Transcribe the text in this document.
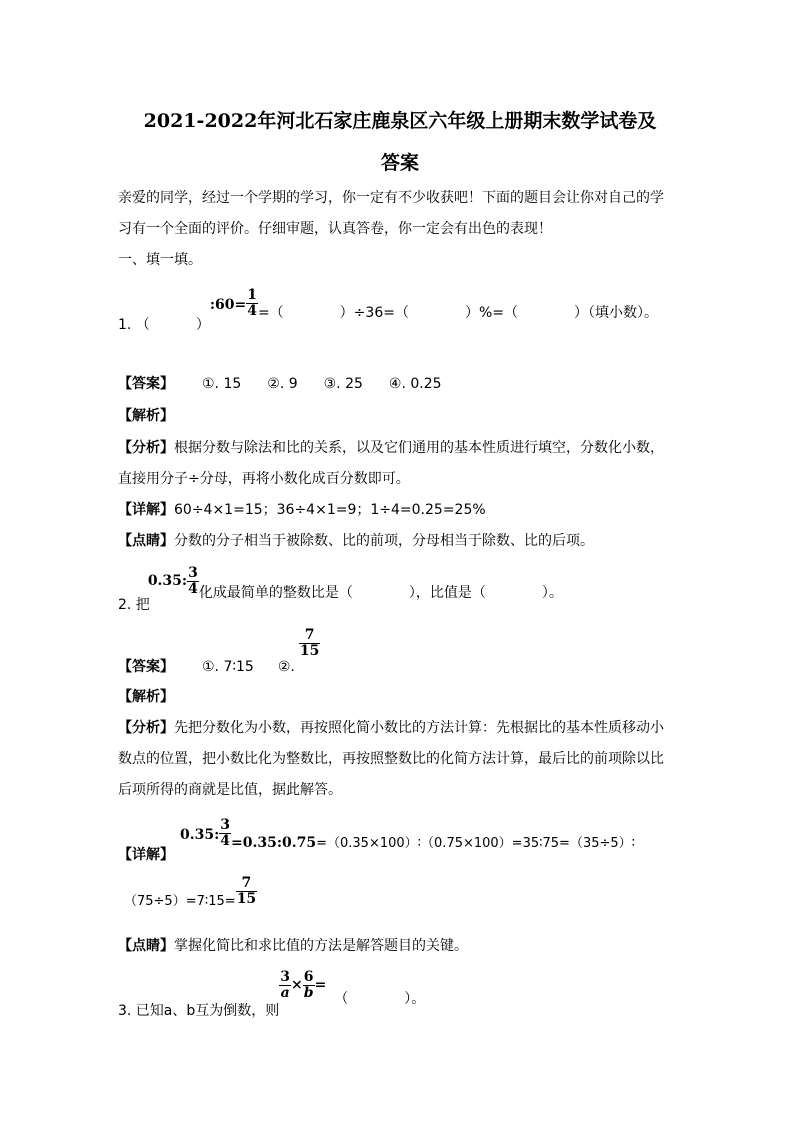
2021-2022年河北石家庄鹿泉区六年级上册期末数学试卷及
答案
亲爱的同学，经过一个学期的学习，你一定有不少收获吧！下面的题目会让你对自己的学
习有一个全面的评价。仔细审题，认真答卷，你一定会有出色的表现！
一、填一填。
1. （	）:60= $\frac{1}{4}$ =（　　　　）÷36=（　　　　）%=（　　　　）（填小数）。
【答案】 ①. 15 ②. 9 ③. 25 ④. 0.25
【解析】
【分析】根据分数与除法和比的关系，以及它们通用的基本性质进行填空，分数化小数，
直接用分子÷分母，再将小数化成百分数即可。
【详解】60÷4×1=15；36÷4×1=9；1÷4=0.25=25%
【点睛】分数的分子相当于被除数、比的前项，分母相当于除数、比的后项。
2. 把0.35: $\frac{3}{4}$ 化成最简单的整数比是（　　　　），比值是（　　　　）。
【答案】 ①. 7∶15 ②.
$\frac{7}{15}$
【解析】
【分析】先把分数化为小数，再按照化简小数比的方法计算：先根据比的基本性质移动小
数点的位置，把小数比化为整数比，再按照整数比的化简方法计算，最后比的前项除以比
后项所得的商就是比值，据此解答。
【详解】0.35: $\frac{3}{4}$ =0.35:0.75=（0.35×100）∶（0.75×100）=35∶75=（35÷5）∶
（75÷5）=7∶15= $\frac{7}{15}$
【点睛】掌握化简比和求比值的方法是解答题目的关键。
3. 已知a、b互为倒数，则
$\frac{3}{a} \times \frac{6}{b}$ =（　　　　）。
